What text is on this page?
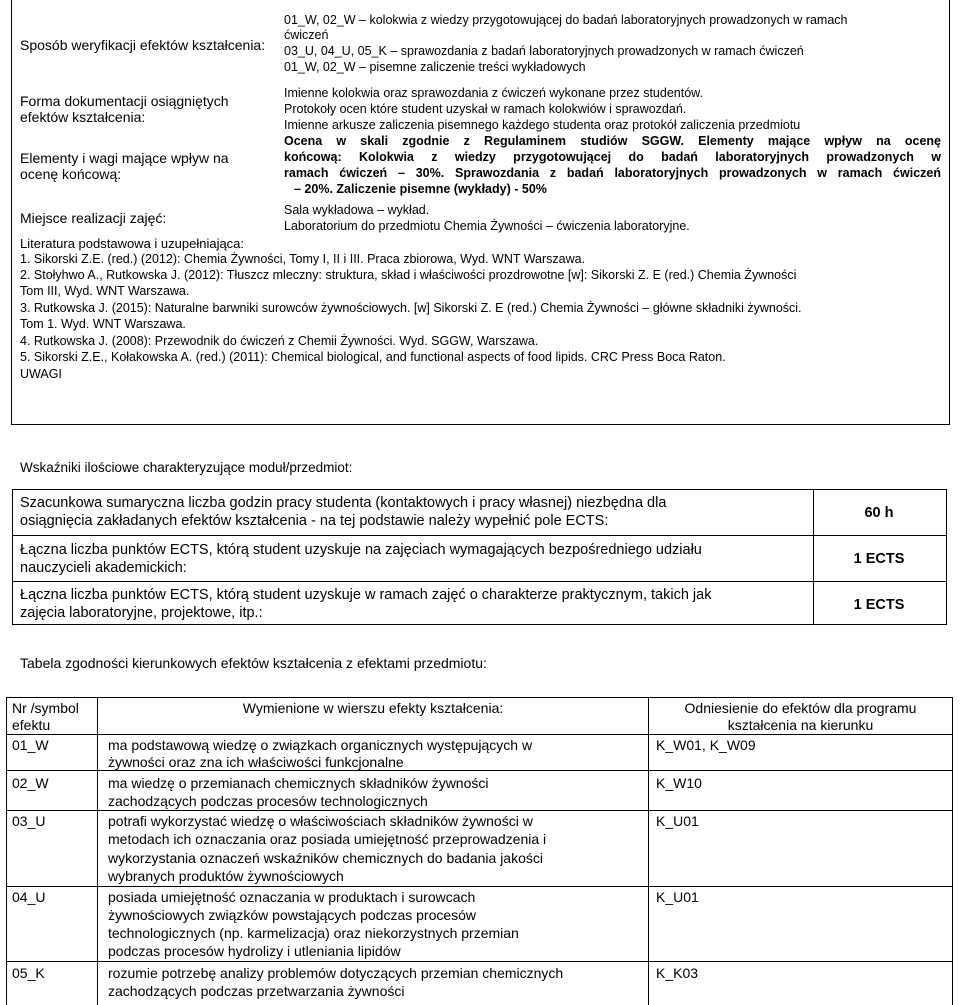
Sposób weryfikacji efektów kształcenia:
01_W, 02_W – kolokwia z wiedzy przygotowującej do badań laboratoryjnych prowadzonych w ramach
ćwiczeń
03_U, 04_U, 05_K – sprawozdania z badań laboratoryjnych prowadzonych w ramach ćwiczeń
01_W, 02_W – pisemne zaliczenie treści wykładowych
Forma dokumentacji osiągniętych
efektów kształcenia:
Imienne kolokwia oraz sprawozdania z ćwiczeń wykonane przez studentów.
Protokoły ocen które student uzyskał w ramach kolokwiów i sprawozdań.
Imienne arkusze zaliczenia pisemnego każdego studenta oraz protokół zaliczenia przedmiotu
Elementy i wagi mające wpływ na
ocenę końcową:
Ocena w skali zgodnie z Regulaminem studiów SGGW. Elementy mające wpływ na ocenę
końcową: Kolokwia z wiedzy przygotowującej do badań laboratoryjnych prowadzonych w
ramach ćwiczeń – 30%. Sprawozdania z badań laboratoryjnych prowadzonych w ramach ćwiczeń
– 20%. Zaliczenie pisemne (wykłady) - 50%
Miejsce realizacji zajęć:	Sala wykładowa – wykład.
Laboratorium do przedmiotu Chemia Żywności – ćwiczenia laboratoryjne.
Literatura podstawowa i uzupełniająca:
1. Sikorski Z.E. (red.) (2012): Chemia Żywności, Tomy I, II i III. Praca zbiorowa, Wyd. WNT Warszawa.
2. Stołyhwo A., Rutkowska J. (2012): Tłuszcz mleczny: struktura, skład i właściwości prozdrowotne [w]: Sikorski Z. E (red.) Chemia Żywności
Tom III, Wyd. WNT Warszawa.
3. Rutkowska J. (2015): Naturalne barwniki surowców żywnościowych. [w] Sikorski Z. E (red.) Chemia Żywności – główne składniki żywności.
Tom 1. Wyd. WNT Warszawa.
4. Rutkowska J. (2008): Przewodnik do ćwiczeń z Chemii Żywności. Wyd. SGGW, Warszawa.
5. Sikorski Z.E., Kołakowska A. (red.) (2011): Chemical biological, and functional aspects of food lipids. CRC Press Boca Raton.
UWAGI
Wskaźniki ilościowe charakteryzujące moduł/przedmiot:
Szacunkowa sumaryczna liczba godzin pracy studenta (kontaktowych i pracy własnej) niezbędna dla
osiągnięcia zakładanych efektów kształcenia - na tej podstawie należy wypełnić pole ECTS:	60 h
Łączna liczba punktów ECTS, którą student uzyskuje na zajęciach wymagających bezpośredniego udziału
nauczycieli akademickich:
1 ECTS
Łączna liczba punktów ECTS, którą student uzyskuje w ramach zajęć o charakterze praktycznym, takich jak
zajęcia laboratoryjne, projektowe, itp.:	1 ECTS
Tabela zgodności kierunkowych efektów kształcenia z efektami przedmiotu:
Nr /symbol
efektu
Wymienione w wierszu efekty kształcenia:	Odniesienie do efektów dla programu
kształcenia na kierunku
01_W	ma podstawową wiedzę o związkach organicznych występujących w
żywności oraz zna ich właściwości funkcjonalne
K_W01, K_W09
02_W	ma wiedzę o przemianach chemicznych składników żywności
zachodzących podczas procesów technologicznych
K_W10
03_U	potrafi wykorzystać wiedzę o właściwościach składników żywności w
metodach ich oznaczania oraz posiada umiejętność przeprowadzenia i
wykorzystania oznaczeń wskaźników chemicznych do badania jakości
wybranych produktów żywnościowych
K_U01
04_U	posiada umiejętność oznaczania w produktach i surowcach
żywnościowych związków powstających podczas procesów
technologicznych (np. karmelizacja) oraz niekorzystnych przemian
podczas procesów hydrolizy i utleniania lipidów
K_U01
05_K	rozumie potrzebę analizy problemów dotyczących przemian chemicznych
zachodzących podczas przetwarzania żywności
K_K03
